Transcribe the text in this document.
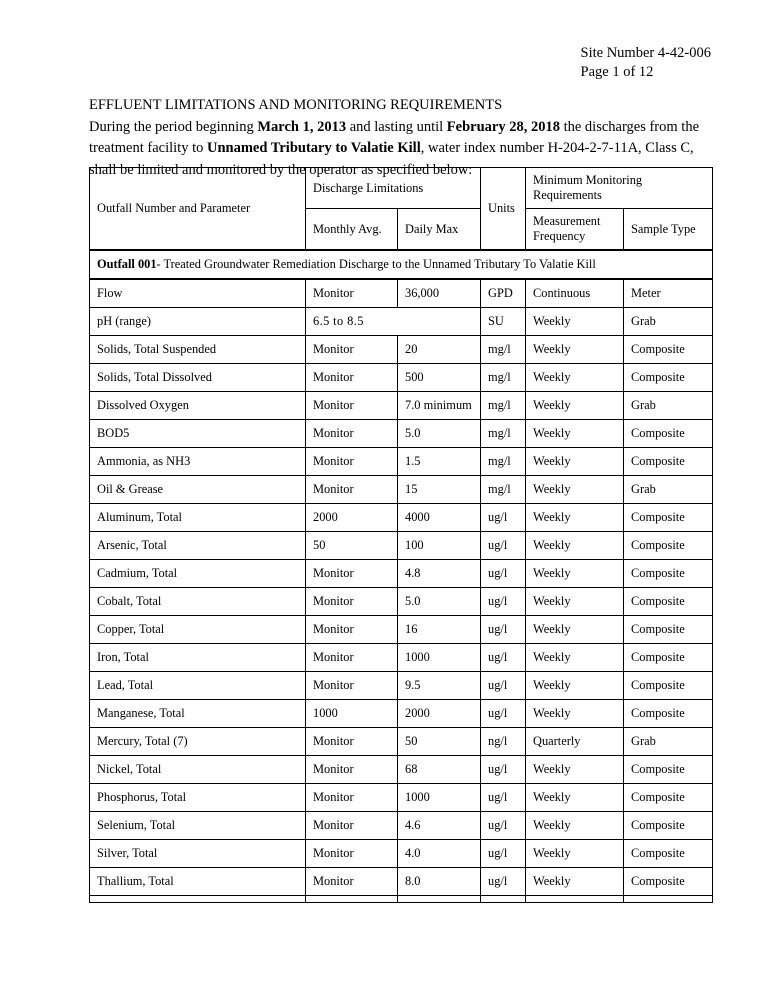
Site Number 4-42-006
Page 1 of 12
EFFLUENT LIMITATIONS AND MONITORING REQUIREMENTS
During the period beginning March 1, 2013 and lasting until February 28, 2018 the discharges from the treatment facility to Unnamed Tributary to Valatie Kill, water index number H-204-2-7-11A, Class C, shall be limited and monitored by the operator as specified below:
Outfall Number and Parameter	Discharge Limitations		Units	Minimum Monitoring Requirements	
	Monthly Avg.	Daily Max		Measurement Frequency	Sample Type
Outfall 001- Treated Groundwater Remediation Discharge to the Unnamed Tributary To Valatie Kill					
Flow	Monitor	36,000	GPD	Continuous	Meter
pH (range)	6.5 to 8.5		SU	Weekly	Grab
Solids, Total Suspended	Monitor	20	mg/l	Weekly	Composite
Solids, Total Dissolved	Monitor	500	mg/l	Weekly	Composite
Dissolved Oxygen	Monitor	7.0 minimum	mg/l	Weekly	Grab
BOD5	Monitor	5.0	mg/l	Weekly	Composite
Ammonia, as NH3	Monitor	1.5	mg/l	Weekly	Composite
Oil & Grease	Monitor	15	mg/l	Weekly	Grab
Aluminum, Total	2000	4000	ug/l	Weekly	Composite
Arsenic, Total	50	100	ug/l	Weekly	Composite
Cadmium, Total	Monitor	4.8	ug/l	Weekly	Composite
Cobalt, Total	Monitor	5.0	ug/l	Weekly	Composite
Copper, Total	Monitor	16	ug/l	Weekly	Composite
Iron, Total	Monitor	1000	ug/l	Weekly	Composite
Lead, Total	Monitor	9.5	ug/l	Weekly	Composite
Manganese, Total	1000	2000	ug/l	Weekly	Composite
Mercury, Total (7)	Monitor	50	ng/l	Quarterly	Grab
Nickel, Total	Monitor	68	ug/l	Weekly	Composite
Phosphorus, Total	Monitor	1000	ug/l	Weekly	Composite
Selenium, Total	Monitor	4.6	ug/l	Weekly	Composite
Silver, Total	Monitor	4.0	ug/l	Weekly	Composite
Thallium, Total	Monitor	8.0	ug/l	Weekly	Composite
